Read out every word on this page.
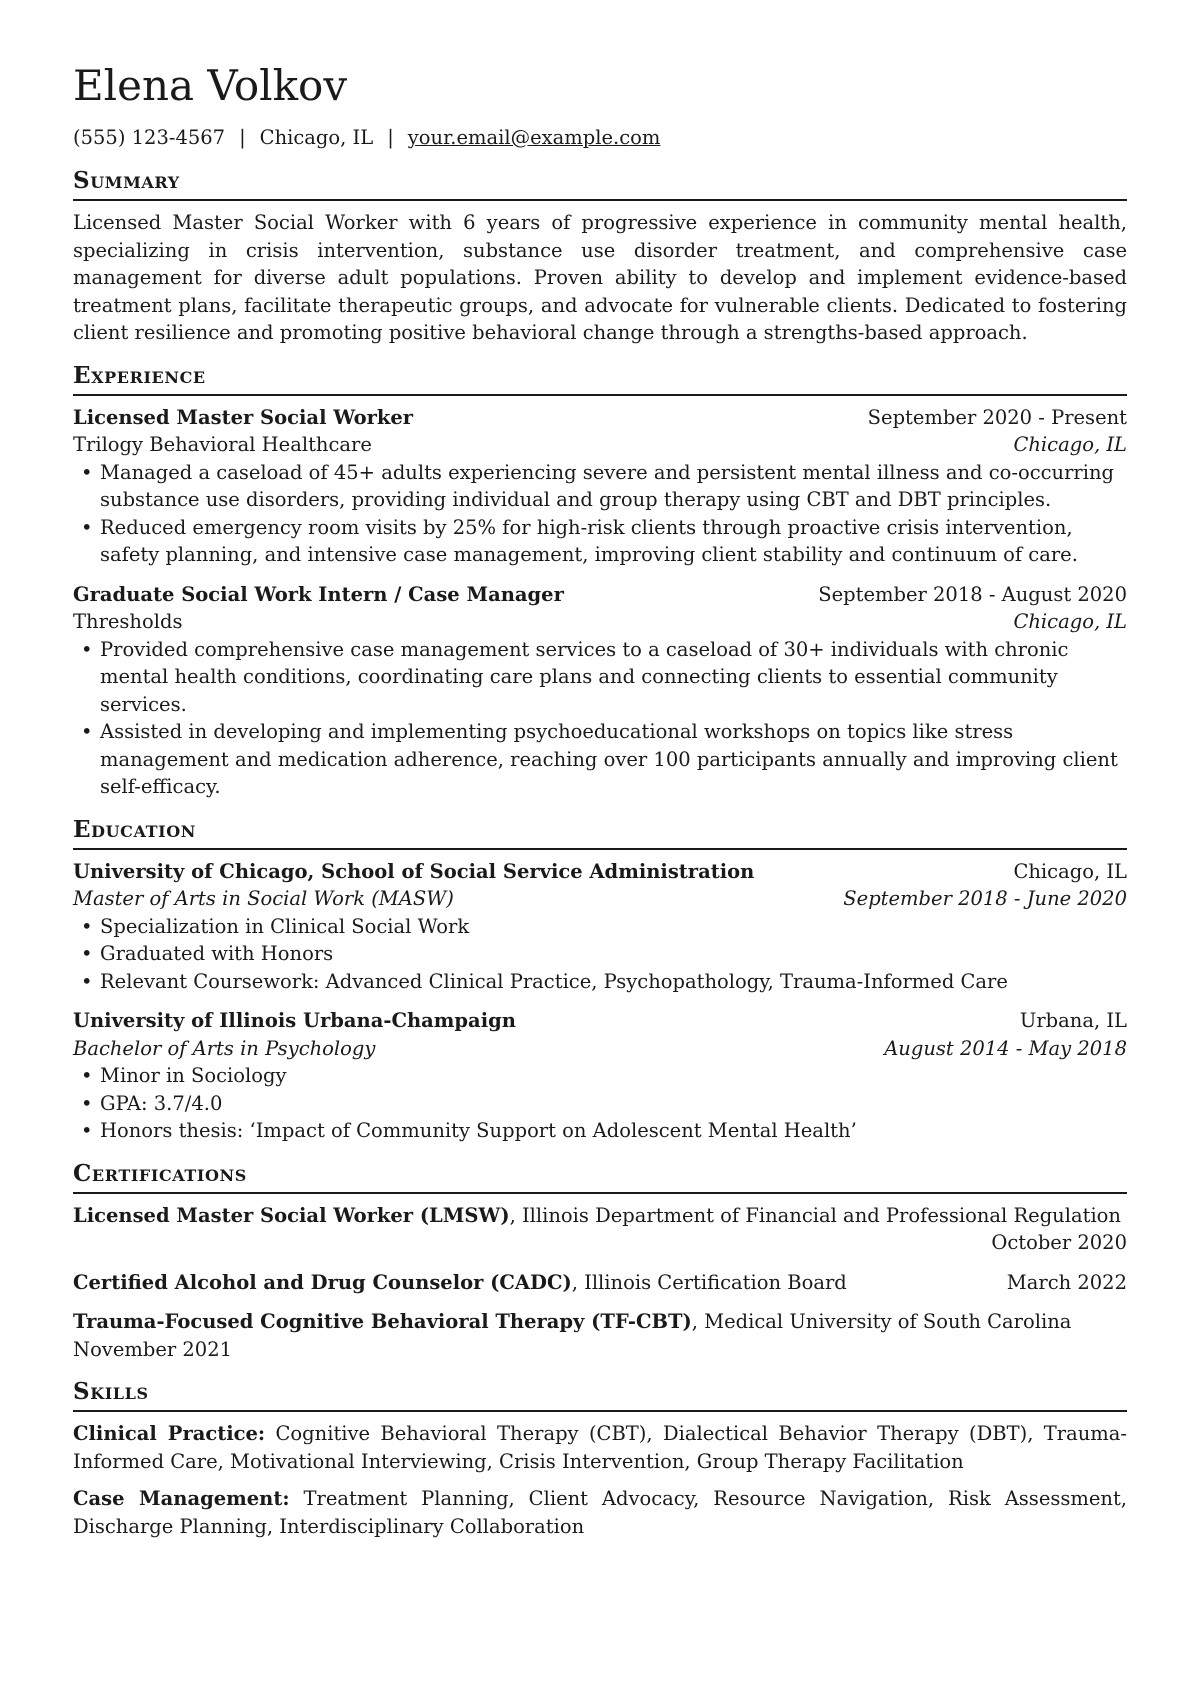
Elena Volkov
(555) 123-4567 | Chicago, IL | your.email@example.com
Summary

Licensed Master Social Worker with 6 years of progressive experience in community mental health, specializing in crisis intervention, substance use disorder treatment, and comprehensive case management for diverse adult populations. Proven ability to develop and implement evidence-based treatment plans, facilitate therapeutic groups, and advocate for vulnerable clients. Dedicated to fostering client resilience and promoting positive behavioral change through a strengths-based approach.

Experience
Licensed Master Social Worker	September 2020 - Present
Trilogy Behavioral Healthcare	Chicago, IL
• Managed a caseload of 45+ adults experiencing severe and persistent mental illness and co-occurring substance use disorders, providing individual and group therapy using CBT and DBT principles.
• Reduced emergency room visits by 25% for high-risk clients through proactive crisis intervention, safety planning, and intensive case management, improving client stability and continuum of care.
Graduate Social Work Intern / Case Manager	September 2018 - August 2020
Thresholds	Chicago, IL
• Provided comprehensive case management services to a caseload of 30+ individuals with chronic mental health conditions, coordinating care plans and connecting clients to essential community services.
• Assisted in developing and implementing psychoeducational workshops on topics like stress management and medication adherence, reaching over 100 participants annually and improving client self-efficacy.
Education
University of Chicago, School of Social Service Administration	Chicago, IL
Master of Arts in Social Work (MASW)	September 2018 - June 2020
• Specialization in Clinical Social Work
• Graduated with Honors
• Relevant Coursework: Advanced Clinical Practice, Psychopathology, Trauma-Informed Care
University of Illinois Urbana-Champaign	Urbana, IL
Bachelor of Arts in Psychology	August 2014 - May 2018
• Minor in Sociology
• GPA: 3.7/4.0
• Honors thesis: ‘Impact of Community Support on Adolescent Mental Health’
Certifications
Licensed Master Social Worker (LMSW), Illinois Department of Financial and Professional Regulation
October 2020
Certified Alcohol and Drug Counselor (CADC), Illinois Certification Board	March 2022
Trauma-Focused Cognitive Behavioral Therapy (TF-CBT), Medical University of South Carolina
November 2021
Skills

Clinical Practice: Cognitive Behavioral Therapy (CBT), Dialectical Behavior Therapy (DBT), Trauma-Informed Care, Motivational Interviewing, Crisis Intervention, Group Therapy Facilitation

Case Management: Treatment Planning, Client Advocacy, Resource Navigation, Risk Assessment, Discharge Planning, Interdisciplinary Collaboration
